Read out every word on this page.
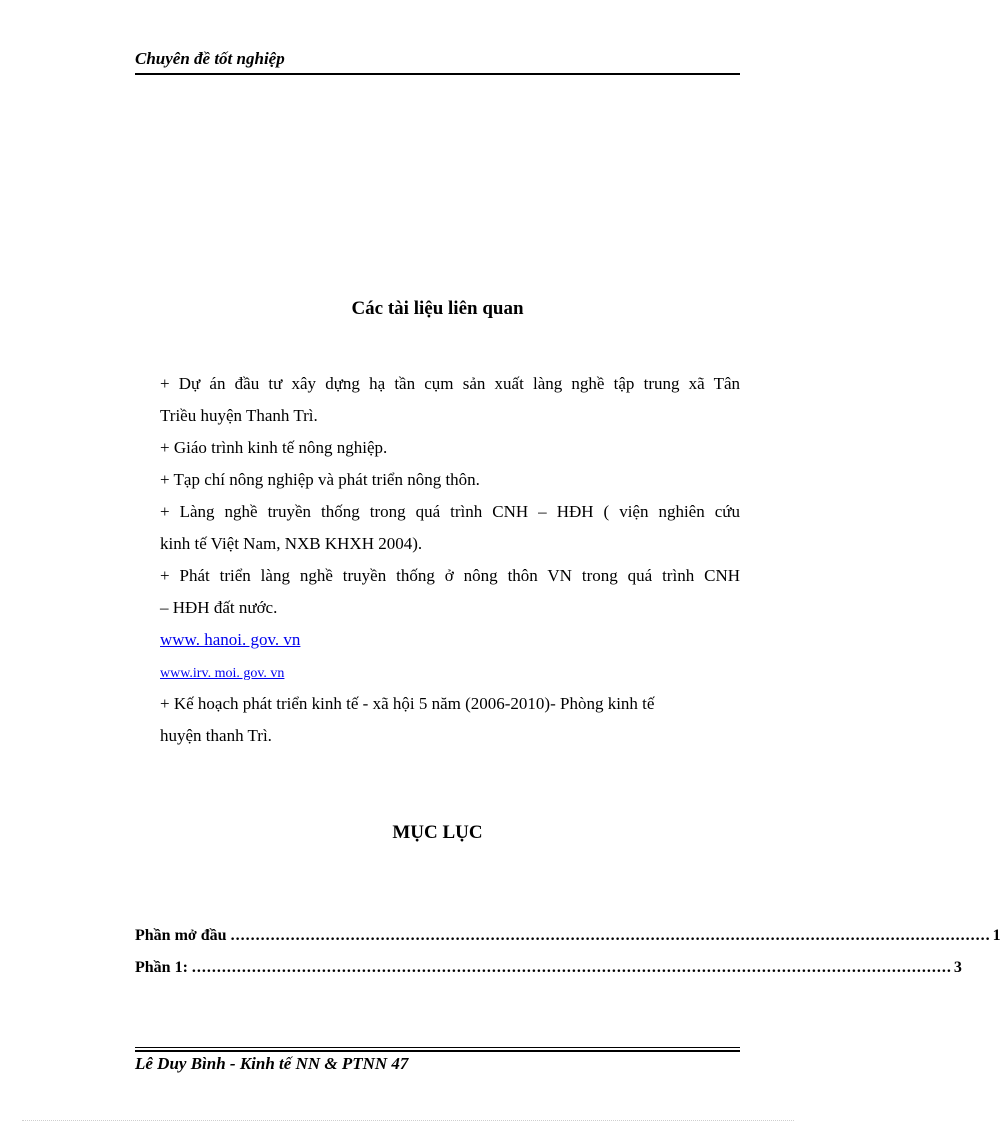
Chuyên đề tốt nghiệp
Các tài liệu liên quan
+ Dự án đầu tư xây dựng hạ tần cụm sản xuất làng nghề tập trung xã Tân
Triều huyện Thanh Trì.
+ Giáo trình kinh tế nông nghiệp.
+ Tạp chí nông nghiệp và phát triển nông thôn.
+ Làng nghề truyền thống trong quá trình CNH – HĐH ( viện nghiên cứu
kinh tế Việt Nam, NXB KHXH 2004).
+ Phát triển làng nghề truyền thống ở nông thôn VN trong quá trình CNH
– HĐH đất nước.
www. hanoi. gov. vn
www.irv. moi. gov. vn
+ Kế hoạch phát triển kinh tế - xã hội 5 năm (2006-2010)- Phòng kinh tế
huyện thanh Trì.
MỤC LỤC
Phần mở đầu ........................................................................................................................................................ 1
Phần 1: ........................................................................................................................................................ 3
Lê Duy Bình - Kinh tế NN & PTNN 47
